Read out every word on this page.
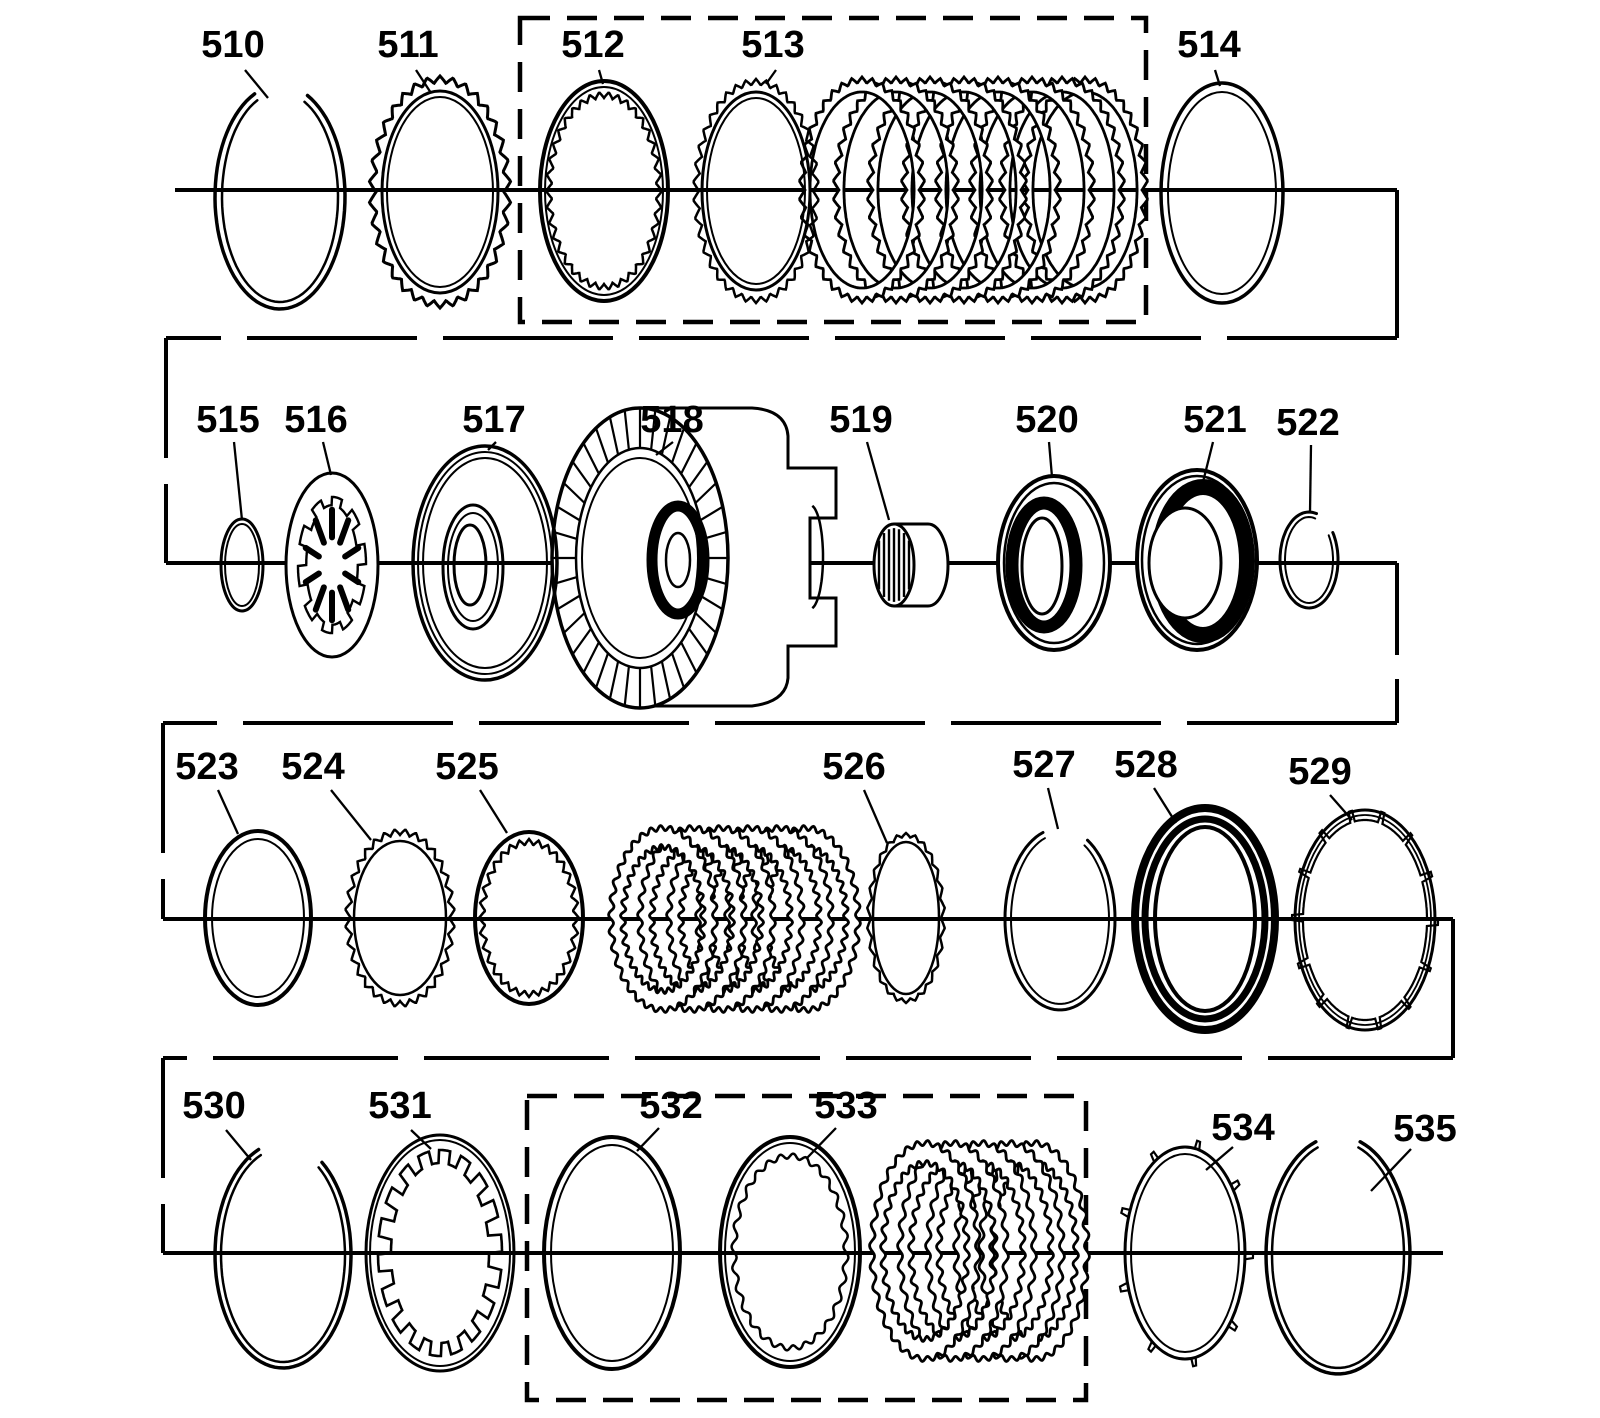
510	511	512	513	514
515 516	517	518	519	520	521 522
523 524 525	526	527 528	529
530	531	532	533
534	535
